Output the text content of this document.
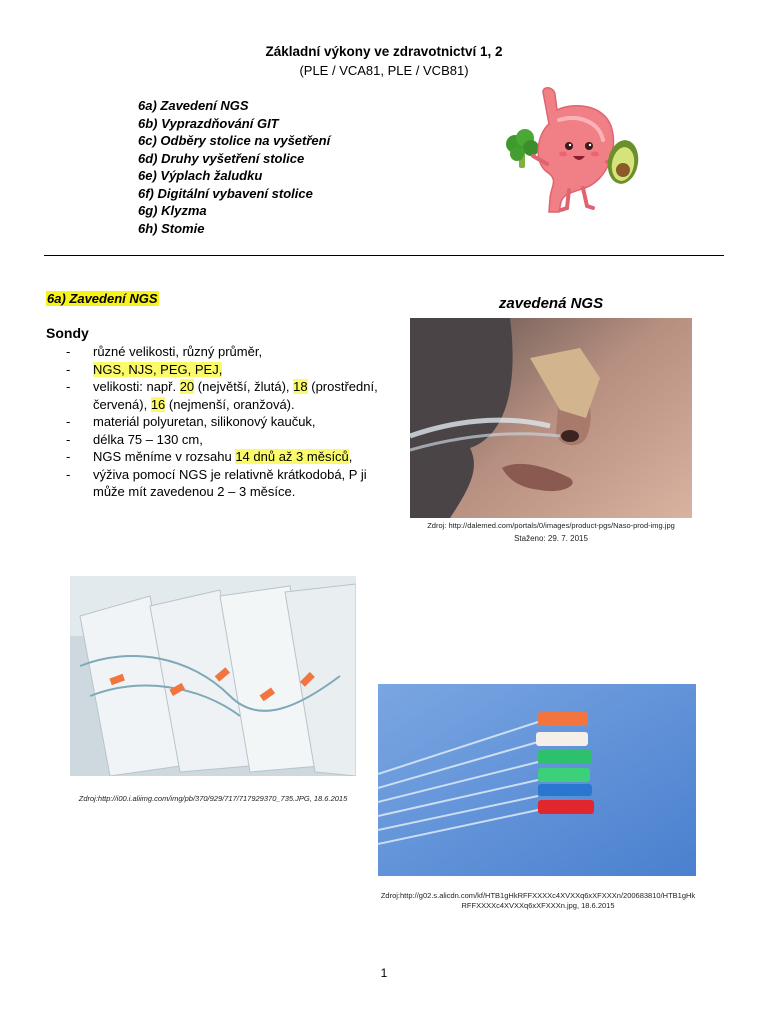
Základní výkony ve zdravotnictví 1, 2
(PLE / VCA81, PLE / VCB81)
6a) Zavedení NGS
6b) Vyprazdňování GIT
6c) Odběry stolice na vyšetření
6d) Druhy vyšetření stolice
6e) Výplach žaludku
6f) Digitální vybavení stolice
6g) Klyzma
6h) Stomie
6a) Zavedení NGS
Sondy
- různé velikosti, různý průměr,
- NGS, NJS, PEG, PEJ,
- velikosti: např. 20 (největší, žlutá), 18 (prostřední, červená), 16 (nejmenší, oranžová).
- materiál polyuretan, silikonový kaučuk,
- délka 75 – 130 cm,
- NGS měníme v rozsahu 14 dnů až 3 měsíců,
- výživa pomocí NGS je relativně krátkodobá, P ji může mít zavedenou 2 – 3 měsíce.
zavedená NGS
Zdroj: http://dalemed.com/portals/0/images/product-pgs/Naso-prod-img.jpg
Staženo: 29. 7. 2015
Zdroj:http://i00.i.aliimg.com/img/pb/370/929/717/717929370_735.JPG, 18.6.2015
Zdroj:http://g02.s.alicdn.com/kf/HTB1gHkRFFXXXXc4XVXXq6xXFXXXn/200683810/HTB1gHk
RFFXXXXc4XVXXq6xXFXXXn.jpg, 18.6.2015
1
